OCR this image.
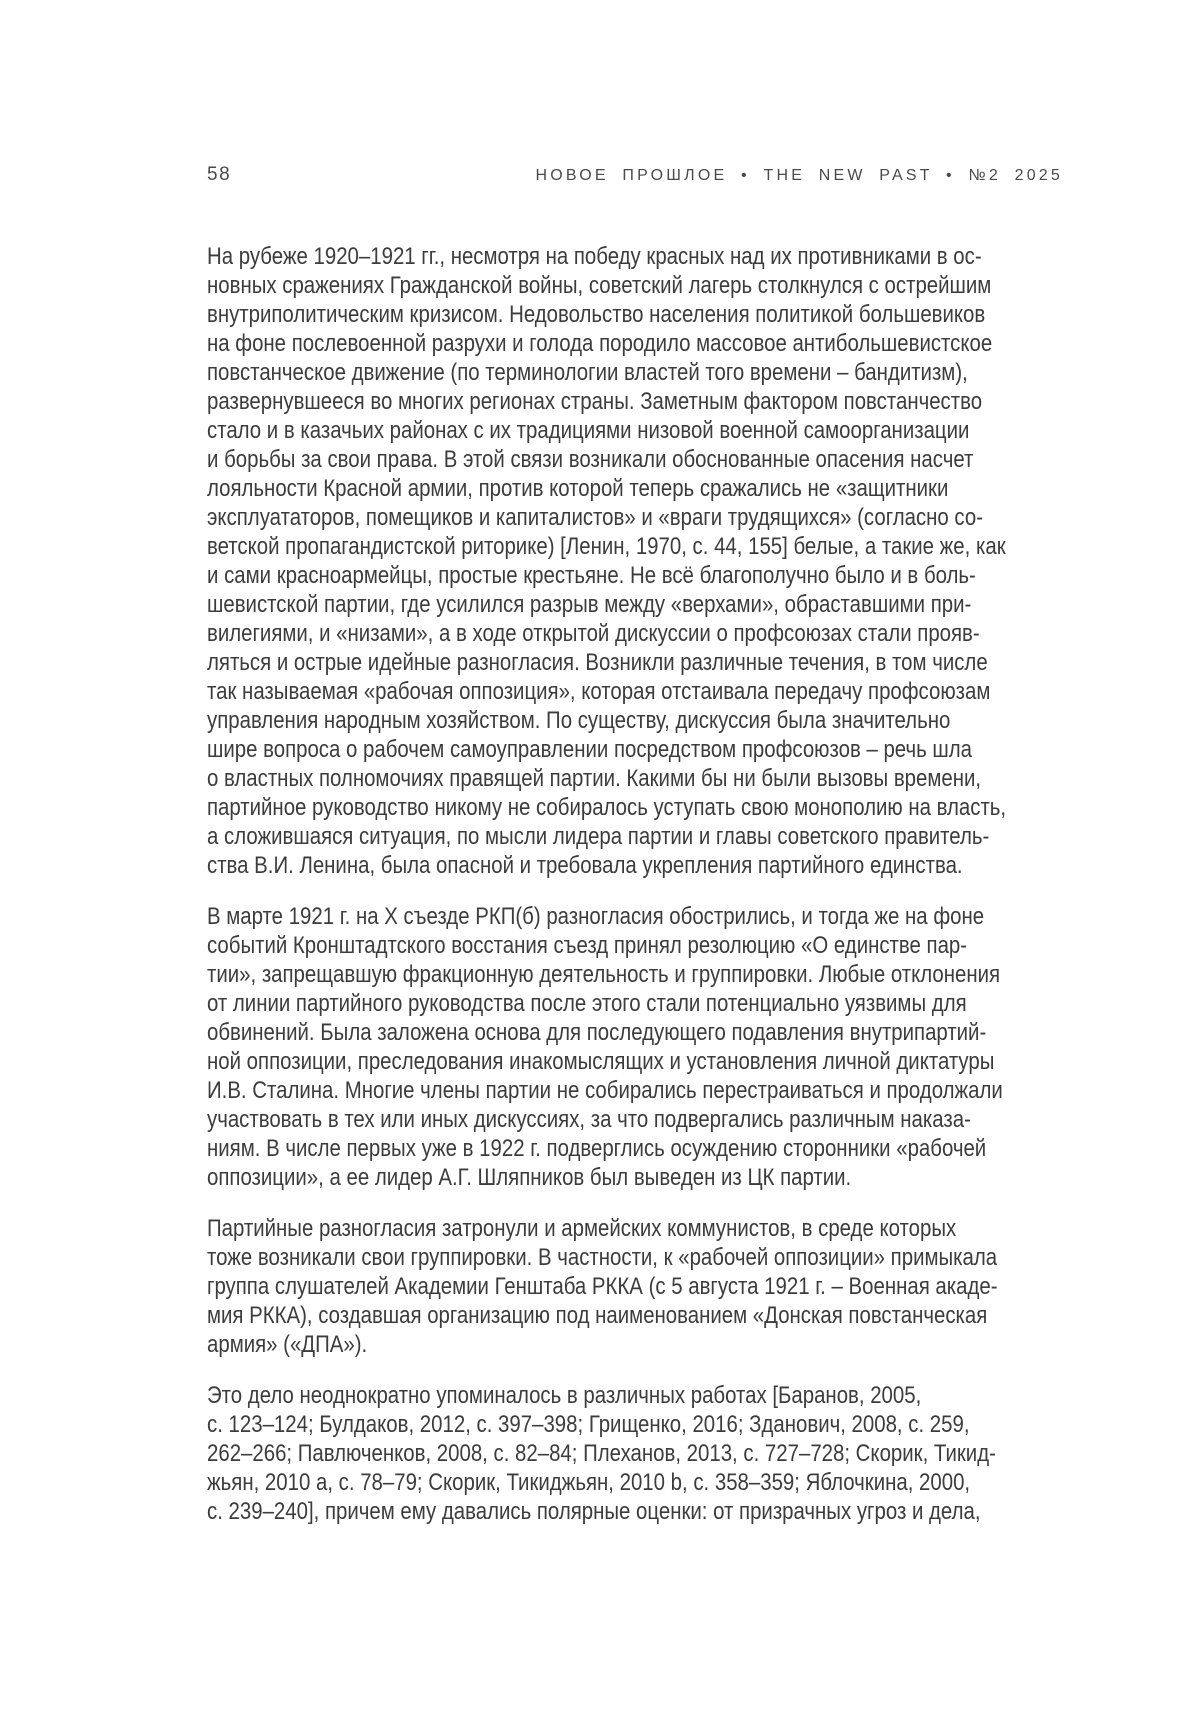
58	НОВОЕ ПРОШЛОЕ • THE NEW PAST • №2 2025

На рубеже 1920–1921 гг., несмотря на победу красных над их противниками в ос-
новных сражениях Гражданской войны, советский лагерь столкнулся с острейшим
внутриполитическим кризисом. Недовольство населения политикой большевиков
на фоне послевоенной разрухи и голода породило массовое антибольшевистское
повстанческое движение (по терминологии властей того времени – бандитизм),
развернувшееся во многих регионах страны. Заметным фактором повстанчество
стало и в казачьих районах с их традициями низовой военной самоорганизации
и борьбы за свои права. В этой связи возникали обоснованные опасения насчет
лояльности Красной армии, против которой теперь сражались не «защитники
эксплуататоров, помещиков и капиталистов» и «враги трудящихся» (согласно со-
ветской пропагандистской риторике) [Ленин, 1970, с. 44, 155] белые, а такие же, как
и сами красноармейцы, простые крестьяне. Не всё благополучно было и в боль-
шевистской партии, где усилился разрыв между «верхами», обраставшими при-
вилегиями, и «низами», а в ходе открытой дискуссии о профсоюзах стали прояв-
ляться и острые идейные разногласия. Возникли различные течения, в том числе
так называемая «рабочая оппозиция», которая отстаивала передачу профсоюзам
управления народным хозяйством. По существу, дискуссия была значительно
шире вопроса о рабочем самоуправлении посредством профсоюзов – речь шла
о властных полномочиях правящей партии. Какими бы ни были вызовы времени,
партийное руководство никому не собиралось уступать свою монополию на власть,
а сложившаяся ситуация, по мысли лидера партии и главы советского правитель-
ства В.И. Ленина, была опасной и требовала укрепления партийного единства.

В марте 1921 г. на X съезде РКП(б) разногласия обострились, и тогда же на фоне
событий Кронштадтского восстания съезд принял резолюцию «О единстве пар-
тии», запрещавшую фракционную деятельность и группировки. Любые отклонения
от линии партийного руководства после этого стали потенциально уязвимы для
обвинений. Была заложена основа для последующего подавления внутрипартий-
ной оппозиции, преследования инакомыслящих и установления личной диктатуры
И.В. Сталина. Многие члены партии не собирались перестраиваться и продолжали
участвовать в тех или иных дискуссиях, за что подвергались различным наказа-
ниям. В числе первых уже в 1922 г. подверглись осуждению сторонники «рабочей
оппозиции», а ее лидер А.Г. Шляпников был выведен из ЦК партии.

Партийные разногласия затронули и армейских коммунистов, в среде которых
тоже возникали свои группировки. В частности, к «рабочей оппозиции» примыкала
группа слушателей Академии Генштаба РККА (с 5 августа 1921 г. – Военная акаде-
мия РККА), создавшая организацию под наименованием «Донская повстанческая
армия» («ДПА»).

Это дело неоднократно упоминалось в различных работах [Баранов, 2005,
с. 123–124; Булдаков, 2012, с. 397–398; Грищенко, 2016; Зданович, 2008, с. 259,
262–266; Павлюченков, 2008, с. 82–84; Плеханов, 2013, с. 727–728; Скорик, Тикид-
жьян, 2010 a, с. 78–79; Скорик, Тикиджьян, 2010 b, с. 358–359; Яблочкина, 2000,
с. 239–240], причем ему давались полярные оценки: от призрачных угроз и дела,
